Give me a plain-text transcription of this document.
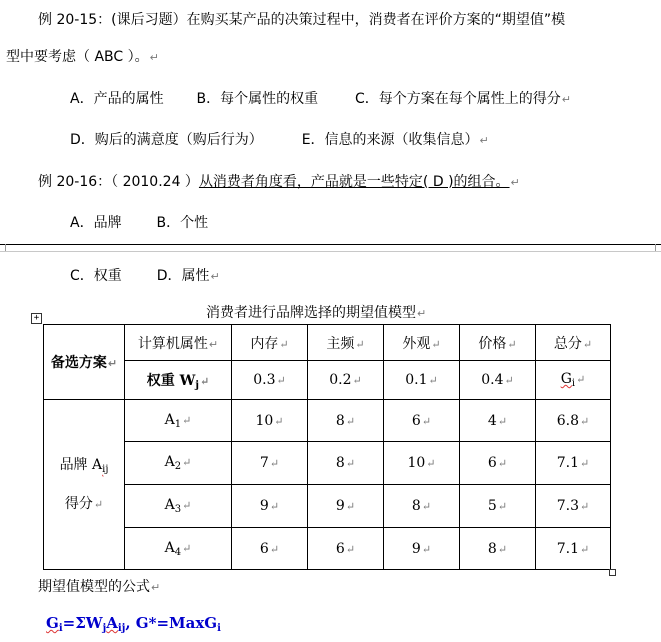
例 20-15：(课后习题）在购买某产品的决策过程中，消费者在评价方案的“期望值”模
型中要考虑（ ABC ）。↵
A．产品的属性 B．每个属性的权重	C．每个方案在每个属性上的得分↵
D．购后的满意度（购后行为）	E．信息的来源（收集信息）↵
例 20-16：（ 2010.24 ）从消费者角度看，产品就是一些特定( D )的组合。↵
A．品牌 B．个性
C．权重 D．属性↵
消费者进行品牌选择的期望值模型↵
+
备选方案↵	计算机属性↵	内存↵	主频↵	外观↵	价格↵	总分↵
	权重 $W_j↵$	0.3↵	0.2↵	0.1↵	0.4↵	$G_i↵$

品牌 $A_{ij}$
得分↵	$A_1↵$	10↵	8↵	6↵	4↵	6.8↵
	$A_2↵$	7↵	8↵	10↵	6↵	7.1↵
	$A_3↵$	9↵	9↵	8↵	5↵	7.3↵
	$A_4↵$	6↵	6↵	9↵	8↵	7.1↵
期望值模型的公式↵
$G_i=\Sigma W_jA_{ij}$, G*=MaxG$_i$
